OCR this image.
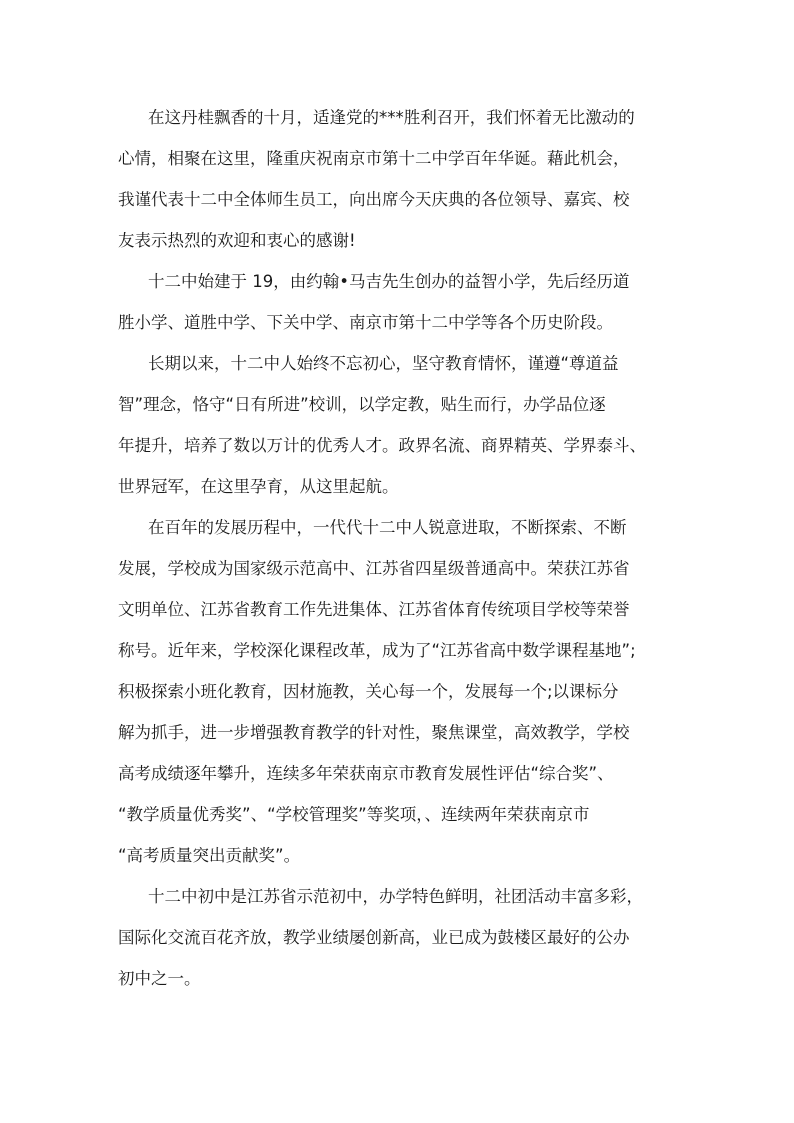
在这丹桂飘香的十月，适逢党的***胜利召开，我们怀着无比激动的
心情，相聚在这里，隆重庆祝南京市第十二中学百年华诞。藉此机会，
我谨代表十二中全体师生员工，向出席今天庆典的各位领导、嘉宾、校
友表示热烈的欢迎和衷心的感谢!
十二中始建于 19，由约翰•马吉先生创办的益智小学，先后经历道
胜小学、道胜中学、下关中学、南京市第十二中学等各个历史阶段。
长期以来，十二中人始终不忘初心，坚守教育情怀，谨遵“尊道益
智”理念，恪守“日有所进”校训，以学定教，贴生而行，办学品位逐
年提升，培养了数以万计的优秀人才。政界名流、商界精英、学界泰斗、
世界冠军，在这里孕育，从这里起航。
在百年的发展历程中，一代代十二中人锐意进取，不断探索、不断
发展，学校成为国家级示范高中、江苏省四星级普通高中。荣获江苏省
文明单位、江苏省教育工作先进集体、江苏省体育传统项目学校等荣誉
称号。近年来，学校深化课程改革，成为了“江苏省高中数学课程基地”;
积极探索小班化教育，因材施教，关心每一个，发展每一个;以课标分
解为抓手，进一步增强教育教学的针对性，聚焦课堂，高效教学，学校
高考成绩逐年攀升，连续多年荣获南京市教育发展性评估“综合奖”、
“教学质量优秀奖”、“学校管理奖”等奖项，、连续两年荣获南京市
“高考质量突出贡献奖”。
十二中初中是江苏省示范初中，办学特色鲜明，社团活动丰富多彩，
国际化交流百花齐放，教学业绩屡创新高，业已成为鼓楼区最好的公办
初中之一。
